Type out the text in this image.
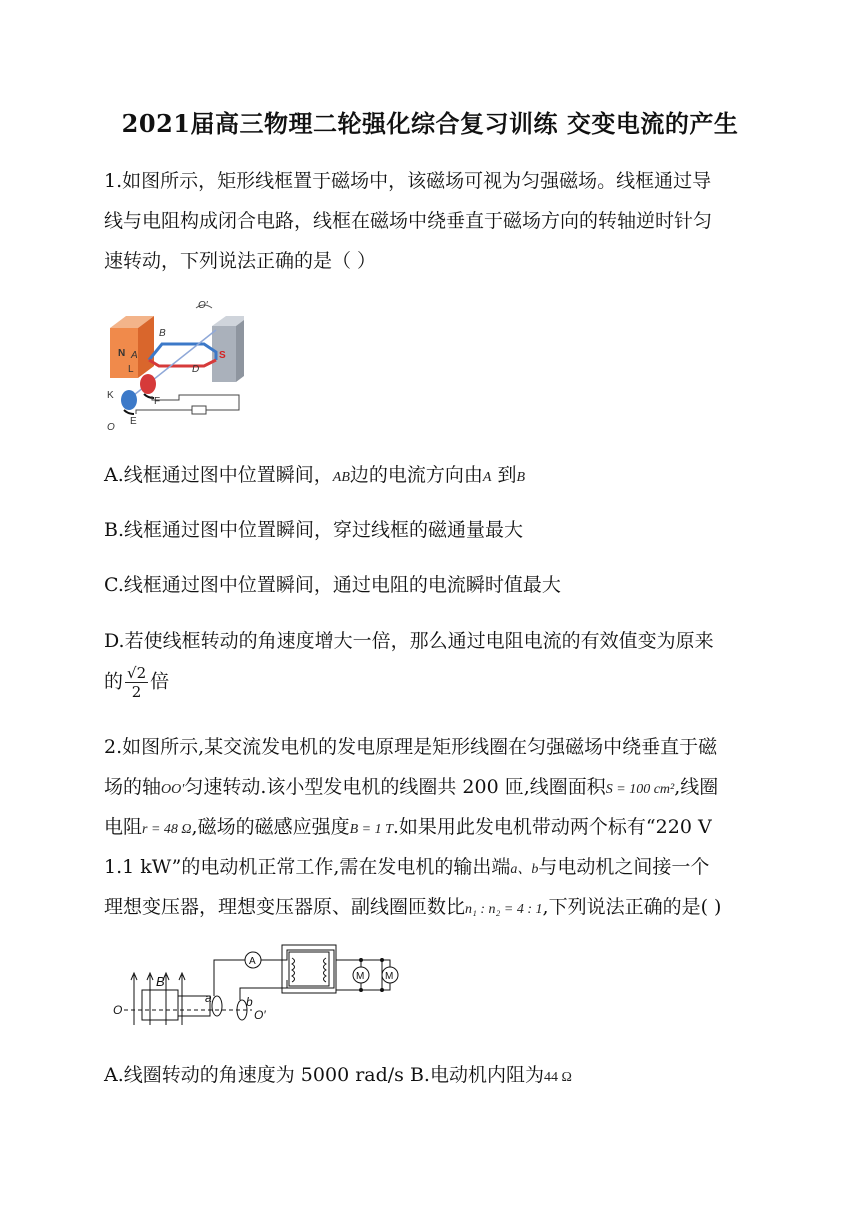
2021届高三物理二轮强化综合复习训练 交变电流的产生
1.如图所示，矩形线框置于磁场中，该磁场可视为匀强磁场。线框通过导
线与电阻构成闭合电路，线框在磁场中绕垂直于磁场方向的转轴逆时针匀
速转动，下列说法正确的是（ ）
N	S
B
A
D
L
K
F
E
O
O′
A.线框通过图中位置瞬间，AB边的电流方向由A 到B
B.线框通过图中位置瞬间，穿过线框的磁通量最大
C.线框通过图中位置瞬间，通过电阻的电流瞬时值最大
D.若使线框转动的角速度增大一倍，那么通过电阻电流的有效值变为原来
的 $\frac{√2}{2}$ 倍
2.如图所示,某交流发电机的发电原理是矩形线圈在匀强磁场中绕垂直于磁
场的轴OO′匀速转动.该小型发电机的线圈共 200 匝,线圈面积S = 100 cm²,线圈
电阻r = 48 Ω,磁场的磁感应强度B = 1 T.如果用此发电机带动两个标有“220 V
1.1 kW”的电动机正常工作,需在发电机的输出端a、b与电动机之间接一个
理想变压器，理想变压器原、副线圈匝数比n₁ : n₂ = 4 : 1,下列说法正确的是( )
O	O′
B
a	b
A
M M
A.线圈转动的角速度为 5000 rad/s B.电动机内阻为44 Ω
